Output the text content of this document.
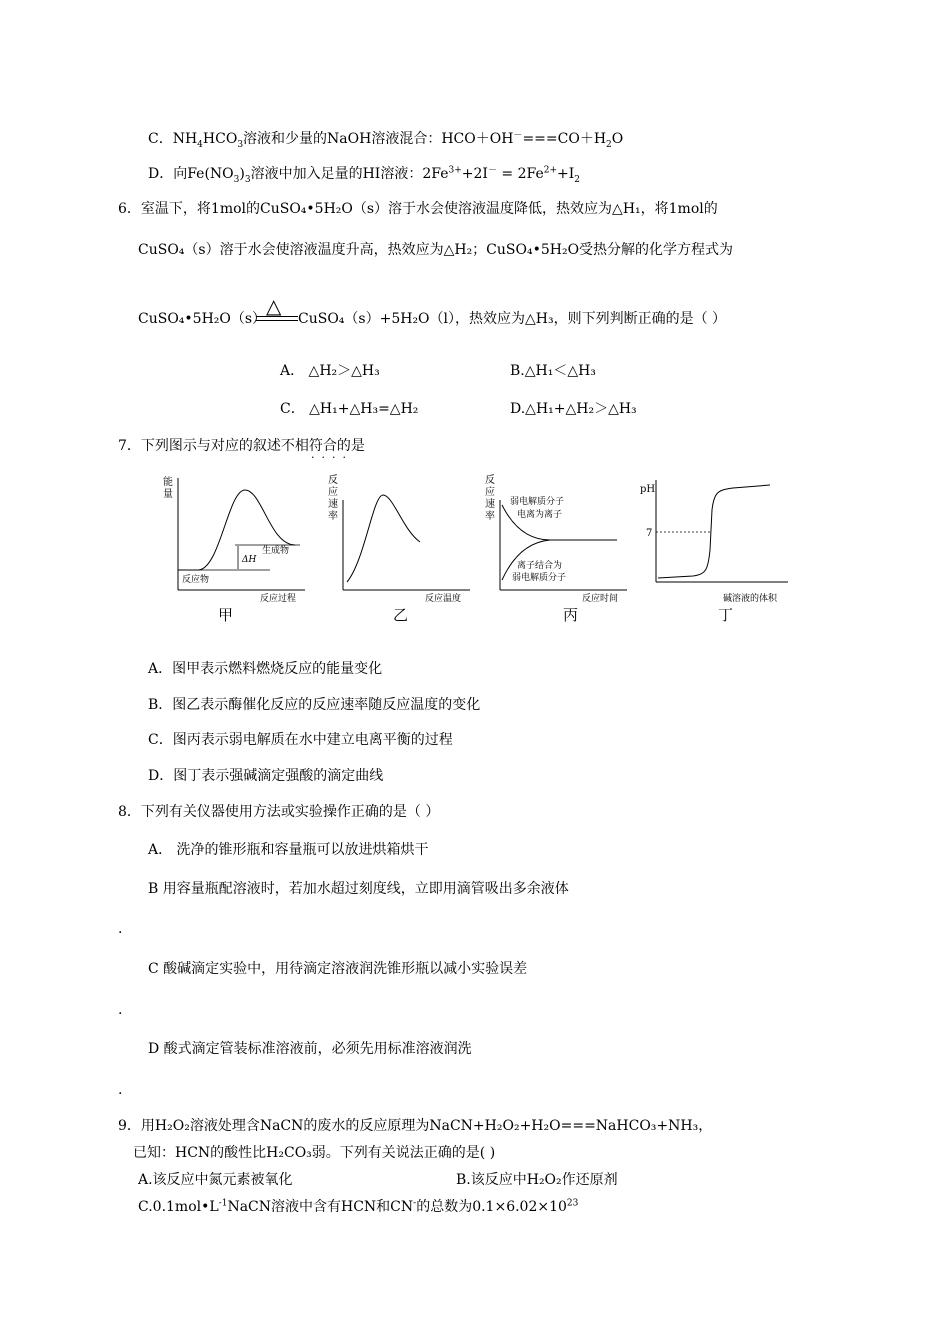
C．$NH_4HCO_3$溶液和少量的NaOH溶液混合：$HCO+OH^-===CO+H_2O$
D．向$Fe(NO_3)_3$溶液中加入足量的HI溶液：$2Fe^{3+}+2I^- = 2Fe^{2+}+I_2$
6．室温下，将1mol的CuSO₄•5H₂O（s）溶于水会使溶液温度降低，热效应为△H₁，将1mol的
CuSO₄（s）溶于水会使溶液温度升高，热效应为△H₂；CuSO₄•5H₂O受热分解的化学方程式为
CuSO₄•5H₂O（s）
△
CuSO₄（s）+5H₂O（l），热效应为△H₃，则下列判断正确的是（ ）
A． △H₂＞△H₃	B.△H₁＜△H₃
C． △H₁+△H₃=△H₂	D.△H₁+△H₂＞△H₃
7．下列图示与对应的叙述不相符合的是
····
能
量
反应物
生成物
ΔH
反应过程
甲
反
应
速
率
反应温度
乙
反
应
速
率
弱电解质分子
电离为离子
离子结合为
弱电解质分子
反应时间
丙
pH
7
碱溶液的体积
丁
A．图甲表示燃料燃烧反应的能量变化
B．图乙表示酶催化反应的反应速率随反应温度的变化
C．图丙表示弱电解质在水中建立电离平衡的过程
D．图丁表示强碱滴定强酸的滴定曲线
8．下列有关仪器使用方法或实验操作正确的是（ ）
A． 洗净的锥形瓶和容量瓶可以放进烘箱烘干
B 用容量瓶配溶液时，若加水超过刻度线，立即用滴管吸出多余液体
.
C 酸碱滴定实验中，用待滴定溶液润洗锥形瓶以减小实验误差
.
D 酸式滴定管装标准溶液前，必须先用标准溶液润洗
.
9．用H₂O₂溶液处理含NaCN的废水的反应原理为NaCN+H₂O₂+H₂O===NaHCO₃+NH₃，
已知：HCN的酸性比H₂CO₃弱。下列有关说法正确的是( )
A.该反应中氮元素被氧化	B.该反应中H₂O₂作还原剂
$C.0.1mol•L^{-1}NaCN$溶液中含有HCN和CN-的总数为$0.1\times 6.02\times 10^{23}$
